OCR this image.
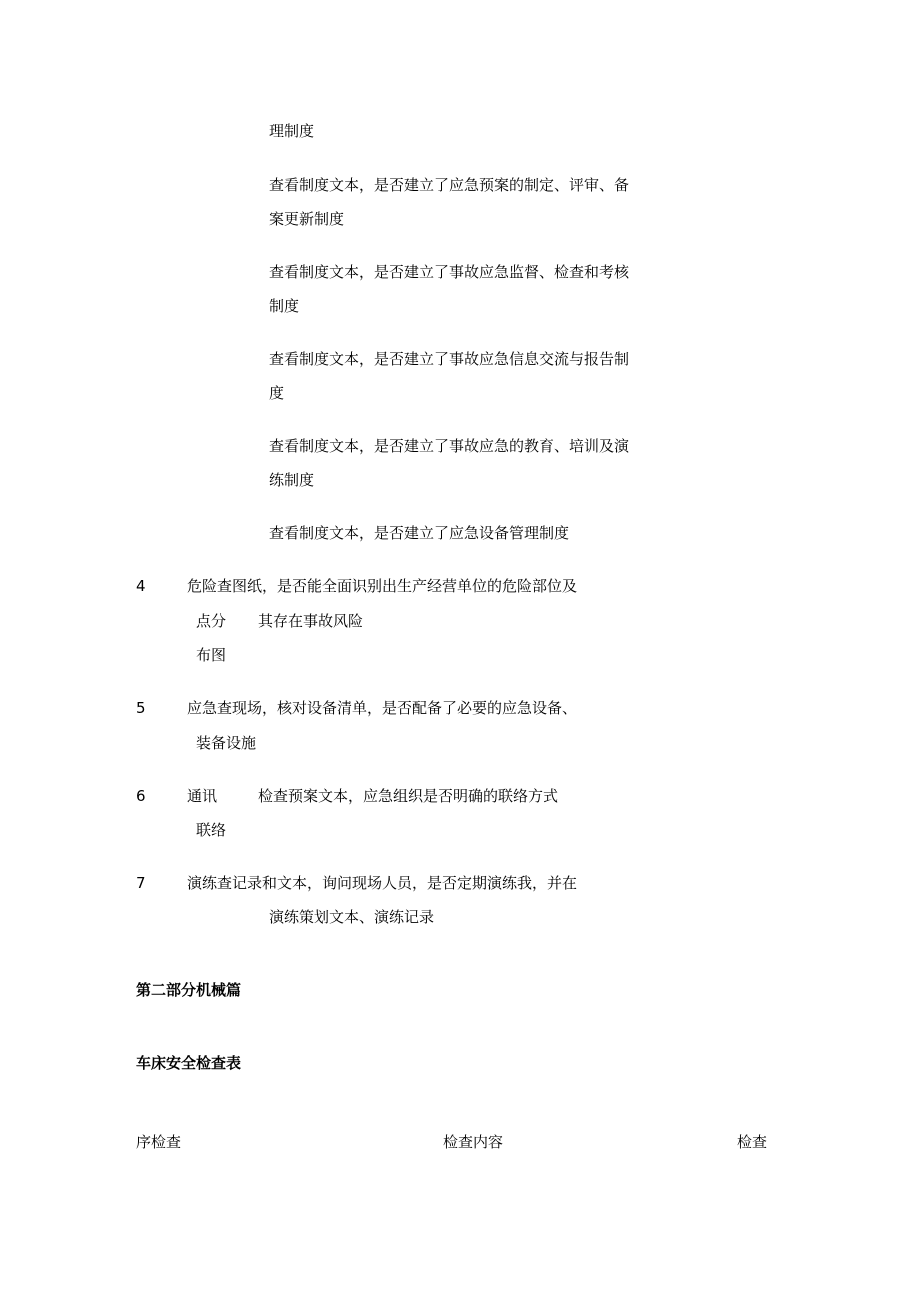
理制度
查看制度文本，是否建立了应急预案的制定、评审、备
案更新制度
查看制度文本，是否建立了事故应急监督、检查和考核
制度
查看制度文本，是否建立了事故应急信息交流与报告制
度
查看制度文本，是否建立了事故应急的教育、培训及演
练制度
查看制度文本，是否建立了应急设备管理制度
4	危险查图纸，是否能全面识别出生产经营单位的危险部位及
点分 其存在事故风险
布图
5	应急查现场，核对设备清单，是否配备了必要的应急设备、
装备设施
6	通讯	检查预案文本，应急组织是否明确的联络方式
联络
7	演练查记录和文本，询问现场人员，是否定期演练我，并在
演练策划文本、演练记录
第二部分机械篇
车床安全检查表
序检查	检查内容	检查
